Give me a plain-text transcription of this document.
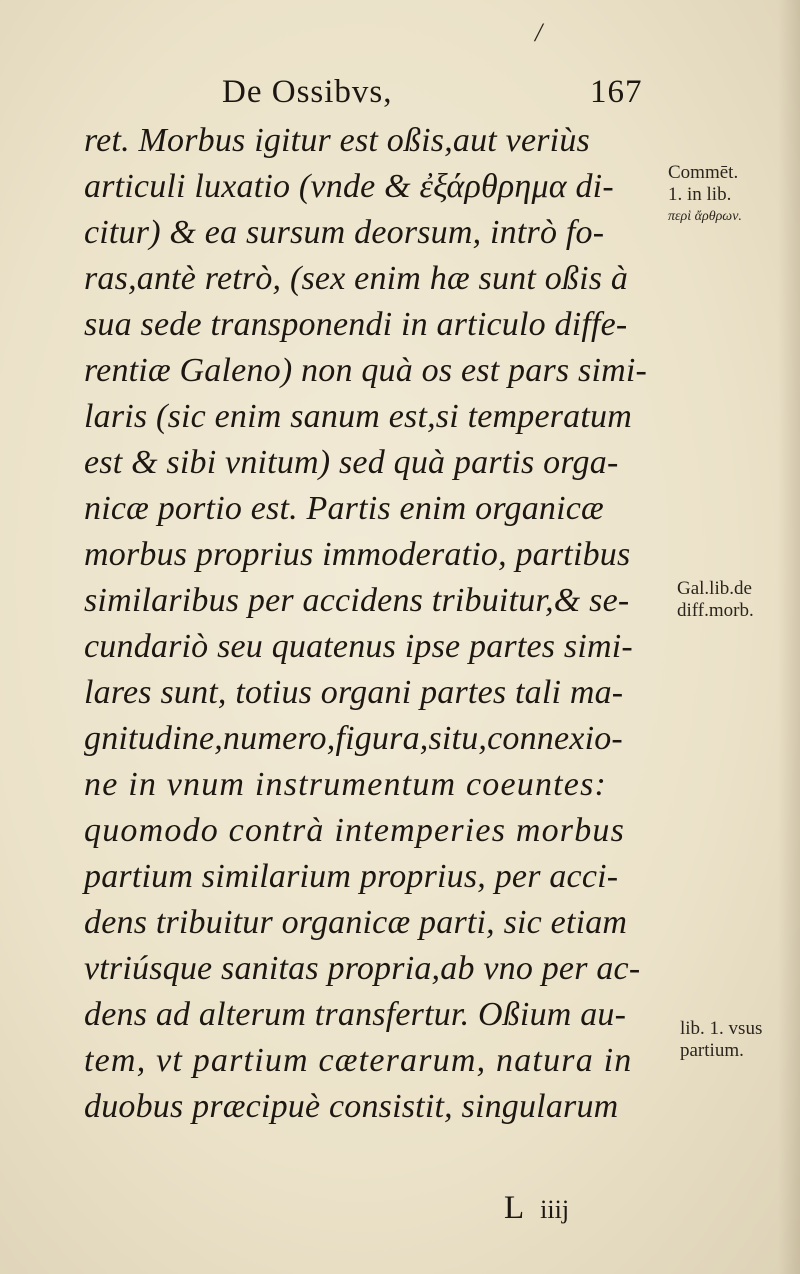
/
De Ossibvs,	167
ret. Morbus igitur est oßis,aut veriùs
articuli luxatio (vnde & ἐξάρθρημα di-
citur) & ea sursum deorsum, intrò fo-
ras,antè retrò, (sex enim hæ sunt oßis à
sua sede transponendi in articulo diffe-
rentiæ Galeno) non quà os est pars simi-
laris (sic enim sanum est,si temperatum
est & sibi vnitum) sed quà partis orga-
nicæ portio est. Partis enim organicæ
morbus proprius immoderatio, partibus
similaribus per accidens tribuitur,& se-
cundariò seu quatenus ipse partes simi-
lares sunt, totius organi partes tali ma-
gnitudine,numero,figura,situ,connexio-
ne in vnum instrumentum coeuntes:
quomodo contrà intemperies morbus
partium similarium proprius, per acci-
dens tribuitur organicæ parti, sic etiam
vtriúsque sanitas propria,ab vno per ac-
dens ad alterum transfertur. Oßium au-
tem, vt partium cæterarum, natura in
duobus præcipuè consistit, singularum
Commēt.
1. in lib.
περὶ ἄρθρων.
Gal.lib.de
diff.morb.
lib. 1. vsus
partium.
L iiij
